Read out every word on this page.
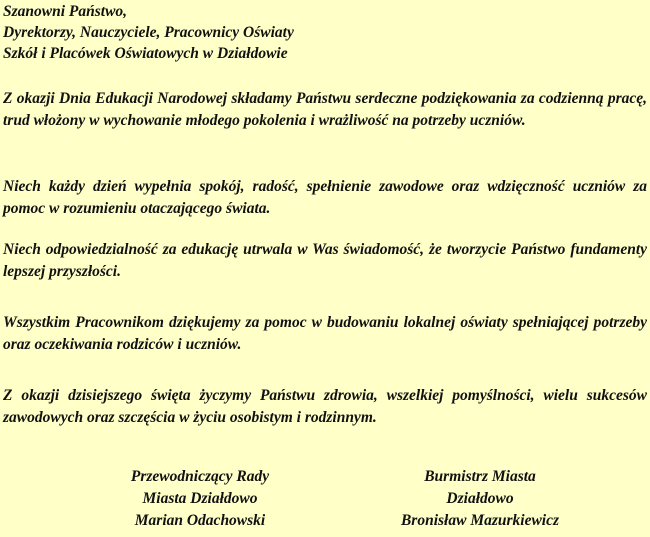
Szanowni Państwo,
Dyrektorzy, Nauczyciele, Pracownicy Oświaty
Szkół i Placówek Oświatowych w Działdowie
Z okazji Dnia Edukacji Narodowej składamy Państwu serdeczne podziękowania za codzienną pracę, trud włożony w wychowanie młodego pokolenia i wrażliwość na potrzeby uczniów.
Niech każdy dzień wypełnia spokój, radość, spełnienie zawodowe oraz wdzięczność uczniów za pomoc w rozumieniu otaczającego świata.
Niech odpowiedzialność za edukację utrwala w Was świadomość, że tworzycie Państwo fundamenty lepszej przyszłości.
Wszystkim Pracownikom dziękujemy za pomoc w budowaniu lokalnej oświaty spełniającej potrzeby oraz oczekiwania rodziców i uczniów.
Z okazji dzisiejszego święta życzymy Państwu zdrowia, wszelkiej pomyślności, wielu sukcesów zawodowych oraz szczęścia w życiu osobistym i rodzinnym.
Przewodniczący Rady
Miasta Działdowo
Marian Odachowski
Burmistrz Miasta
Działdowo
Bronisław Mazurkiewicz
